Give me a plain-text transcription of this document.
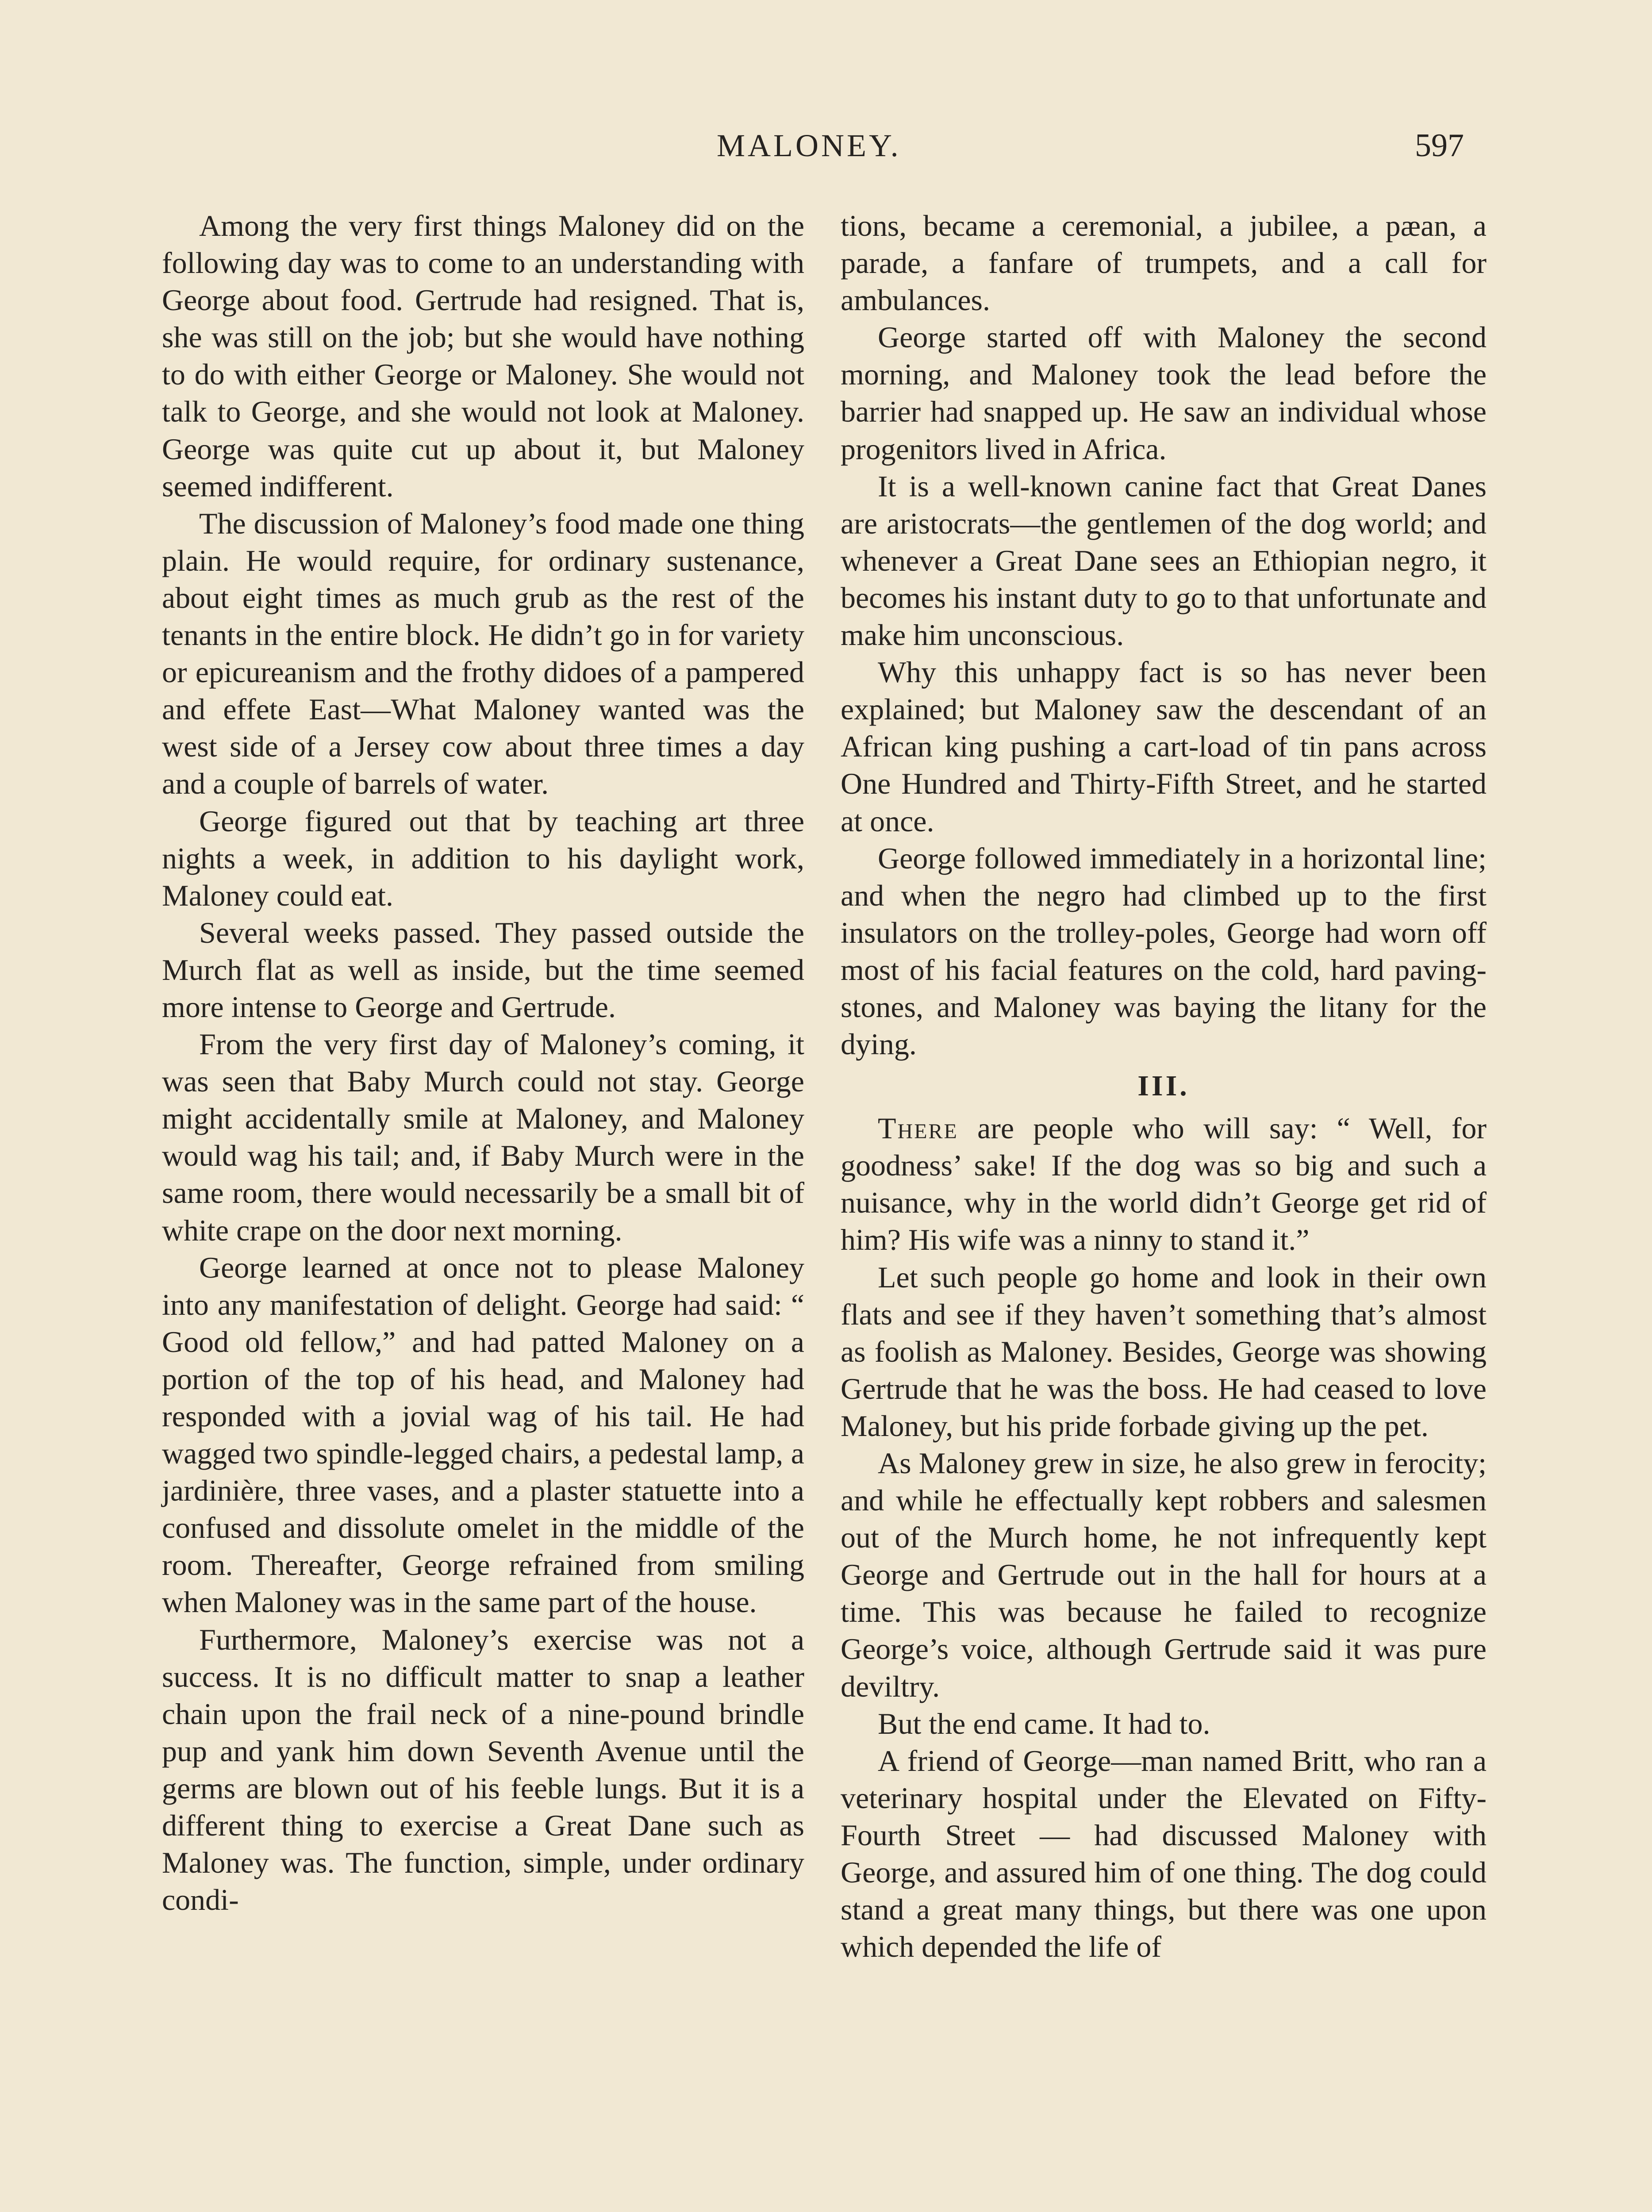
MALONEY.	597

Among the very first things Maloney did on the following day was to come to an understanding with George about food. Gertrude had resigned. That is, she was still on the job; but she would have nothing to do with either George or Maloney. She would not talk to George, and she would not look at Maloney. George was quite cut up about it, but Maloney seemed indifferent.

The discussion of Maloney’s food made one thing plain. He would require, for ordinary sustenance, about eight times as much grub as the rest of the tenants in the entire block. He didn’t go in for variety or epicureanism and the frothy didoes of a pampered and effete East—What Maloney wanted was the west side of a Jersey cow about three times a day and a couple of barrels of water.

George figured out that by teaching art three nights a week, in addition to his daylight work, Maloney could eat.

Several weeks passed. They passed outside the Murch flat as well as inside, but the time seemed more intense to George and Gertrude.

From the very first day of Maloney’s coming, it was seen that Baby Murch could not stay. George might accidentally smile at Maloney, and Maloney would wag his tail; and, if Baby Murch were in the same room, there would necessarily be a small bit of white crape on the door next morning.

George learned at once not to please Maloney into any manifestation of delight. George had said: “ Good old fellow,” and had patted Maloney on a portion of the top of his head, and Maloney had responded with a jovial wag of his tail. He had wagged two spindle-legged chairs, a pedestal lamp, a jardinière, three vases, and a plaster statuette into a confused and dissolute omelet in the middle of the room. Thereafter, George refrained from smiling when Maloney was in the same part of the house.

Furthermore, Maloney’s exercise was not a success. It is no difficult matter to snap a leather chain upon the frail neck of a nine-pound brindle pup and yank him down Seventh Avenue until the germs are blown out of his feeble lungs. But it is a different thing to exercise a Great Dane such as Maloney was. The function, simple, under ordinary condi-

tions, became a ceremonial, a jubilee, a pæan, a parade, a fanfare of trumpets, and a call for ambulances.

George started off with Maloney the second morning, and Maloney took the lead before the barrier had snapped up. He saw an individual whose progenitors lived in Africa.

It is a well-known canine fact that Great Danes are aristocrats—the gentlemen of the dog world; and whenever a Great Dane sees an Ethiopian negro, it becomes his instant duty to go to that unfortunate and make him unconscious.

Why this unhappy fact is so has never been explained; but Maloney saw the descendant of an African king pushing a cart-load of tin pans across One Hundred and Thirty-Fifth Street, and he started at once.

George followed immediately in a horizontal line; and when the negro had climbed up to the first insulators on the trolley-poles, George had worn off most of his facial features on the cold, hard paving-stones, and Maloney was baying the litany for the dying.

III.

There are people who will say: “ Well, for goodness’ sake! If the dog was so big and such a nuisance, why in the world didn’t George get rid of him? His wife was a ninny to stand it.”

Let such people go home and look in their own flats and see if they haven’t something that’s almost as foolish as Maloney. Besides, George was showing Gertrude that he was the boss. He had ceased to love Maloney, but his pride forbade giving up the pet.

As Maloney grew in size, he also grew in ferocity; and while he effectually kept robbers and salesmen out of the Murch home, he not infrequently kept George and Gertrude out in the hall for hours at a time. This was because he failed to recognize George’s voice, although Gertrude said it was pure deviltry.

But the end came. It had to.

A friend of George—man named Britt, who ran a veterinary hospital under the Elevated on Fifty-Fourth Street — had discussed Maloney with George, and assured him of one thing. The dog could stand a great many things, but there was one upon which depended the life of
